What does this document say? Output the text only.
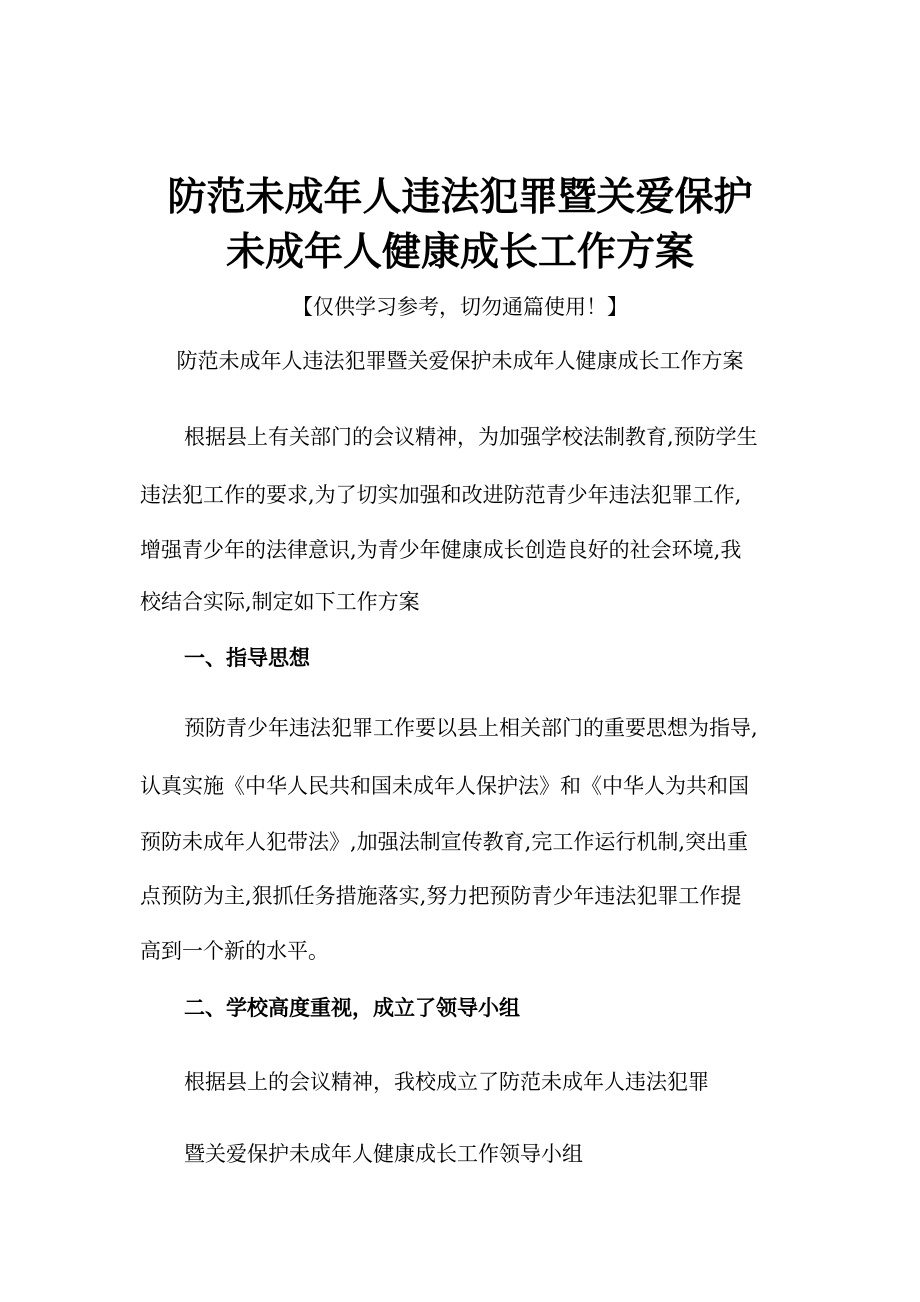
防范未成年人违法犯罪暨关爱保护
未成年人健康成长工作方案
【仅供学习参考，切勿通篇使用！】
防范未成年人违法犯罪暨关爱保护未成年人健康成长工作方案
根据县上有关部门的会议精神，为加强学校法制教育,预防学生
违法犯工作的要求,为了切实加强和改进防范青少年违法犯罪工作,
增强青少年的法律意识,为青少年健康成长创造良好的社会环境,我
校结合实际,制定如下工作方案
一、指导思想
预防青少年违法犯罪工作要以县上相关部门的重要思想为指导,
认真实施《中华人民共和国未成年人保护法》和《中华人为共和国
预防未成年人犯带法》,加强法制宣传教育,完工作运行机制,突出重
点预防为主,狠抓任务措施落实,努力把预防青少年违法犯罪工作提
高到一个新的水平。
二、学校高度重视，成立了领导小组
根据县上的会议精神，我校成立了防范未成年人违法犯罪
暨关爱保护未成年人健康成长工作领导小组
